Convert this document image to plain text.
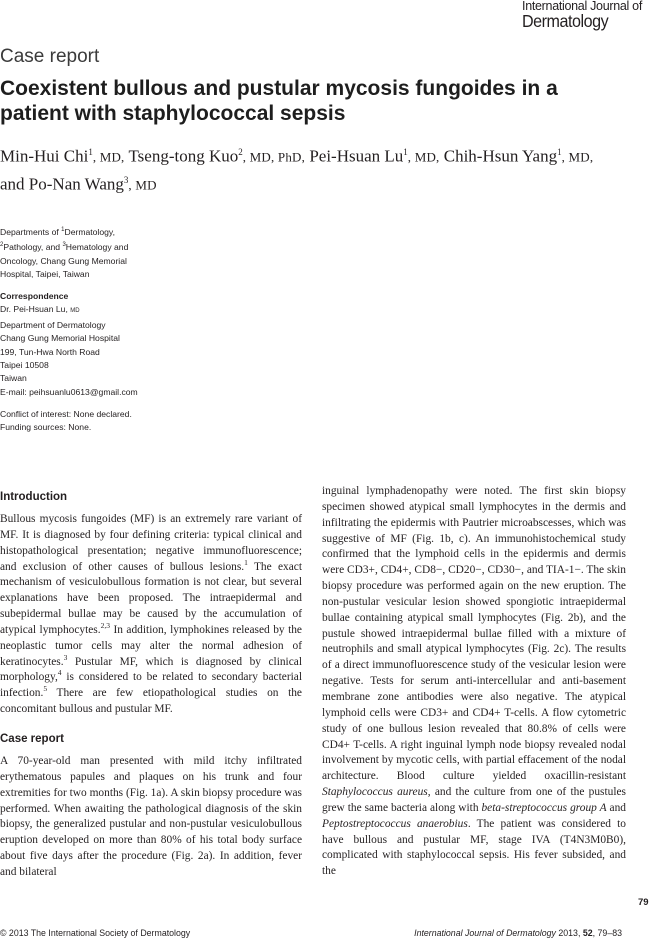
International Journal of
Dermatology
Case report
Coexistent bullous and pustular mycosis fungoides in a patient with staphylococcal sepsis
Min-Hui Chi$^1$, MD, Tseng-tong Kuo$^2$, MD, PhD, Pei-Hsuan Lu$^1$, MD, Chih-Hsun Yang$^1$, MD,
and Po-Nan Wang$^3$, MD
Departments of $^1$Dermatology,
$^2$Pathology, and $^3$Hematology and
Oncology, Chang Gung Memorial
Hospital, Taipei, Taiwan
Correspondence
Dr. Pei-Hsuan Lu, MD
Department of Dermatology
Chang Gung Memorial Hospital
199, Tun-Hwa North Road
Taipei 10508
Taiwan
E-mail: peihsuanlu0613@gmail.com
Conflict of interest: None declared.
Funding sources: None.
Introduction

Bullous mycosis fungoides (MF) is an extremely rare variant of MF. It is diagnosed by four defining criteria: typical clinical and histopathological presentation; negative immunofluorescence; and exclusion of other causes of bullous lesions.$^1$ The exact mechanism of vesiculobullous formation is not clear, but several explanations have been proposed. The intraepidermal and subepidermal bullae may be caused by the accumulation of atypical lymphocytes.$^{2,3}$ In addition, lymphokines released by the neoplastic tumor cells may alter the normal adhesion of keratinocytes.$^3$ Pustular MF, which is diagnosed by clinical morphology,$^4$ is considered to be related to secondary bacterial infection.$^5$ There are few etiopathological studies on the concomitant bullous and pustular MF.

Case report

A 70-year-old man presented with mild itchy infiltrated erythematous papules and plaques on his trunk and four extremities for two months (Fig. 1a). A skin biopsy procedure was performed. When awaiting the pathological diagnosis of the skin biopsy, the generalized pustular and non-pustular vesiculobullous eruption developed on more than 80% of his total body surface about five days after the procedure (Fig. 2a). In addition, fever and bilateral

inguinal lymphadenopathy were noted. The first skin biopsy specimen showed atypical small lymphocytes in the dermis and infiltrating the epidermis with Pautrier microabscesses, which was suggestive of MF (Fig. 1b, c). An immunohistochemical study confirmed that the lymphoid cells in the epidermis and dermis were CD3+, CD4+, CD8−, CD20−, CD30−, and TIA-1−. The skin biopsy procedure was performed again on the new eruption. The non-pustular vesicular lesion showed spongiotic intraepidermal bullae containing atypical small lymphocytes (Fig. 2b), and the pustule showed intraepidermal bullae filled with a mixture of neutrophils and small atypical lymphocytes (Fig. 2c). The results of a direct immunofluorescence study of the vesicular lesion were negative. Tests for serum anti-intercellular and anti-basement membrane zone antibodies were also negative. The atypical lymphoid cells were CD3+ and CD4+ T-cells. A flow cytometric study of one bullous lesion revealed that 80.8% of cells were CD4+ T-cells. A right inguinal lymph node biopsy revealed nodal involvement by mycotic cells, with partial effacement of the nodal architecture. Blood culture yielded oxacillin-resistant Staphylococcus aureus, and the culture from one of the pustules grew the same bacteria along with beta-streptococcus group A and Peptostreptococcus anaerobius. The patient was considered to have bullous and pustular MF, stage IVA (T4N3M0B0), complicated with staphylococcal sepsis. His fever subsided, and the

79
© 2013 The International Society of Dermatology	International Journal of Dermatology 2013, 52, 79–83
